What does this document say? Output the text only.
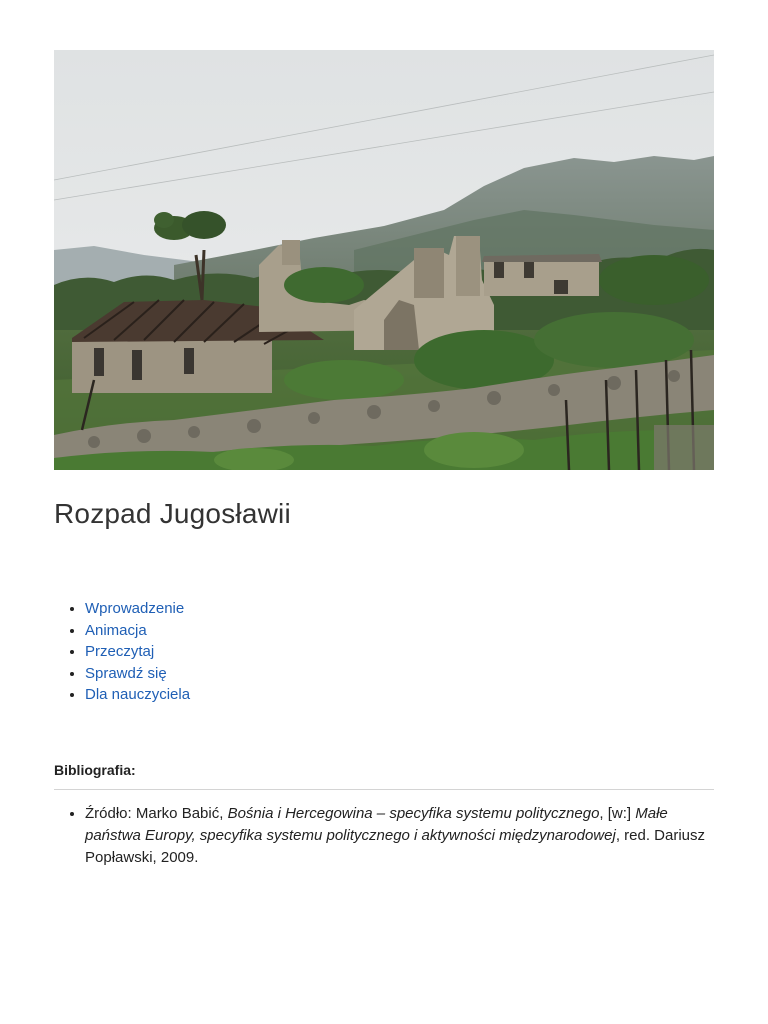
Rozpad Jugosławii
• Wprowadzenie
• Animacja
• Przeczytaj
• Sprawdź się
• Dla nauczyciela
Bibliografia:
• Źródło: Marko Babić, Bośnia i Hercegowina – specyfika systemu politycznego, [w:] Małe państwa Europy, specyfika systemu politycznego i aktywności międzynarodowej, red. Dariusz Popławski, 2009.
